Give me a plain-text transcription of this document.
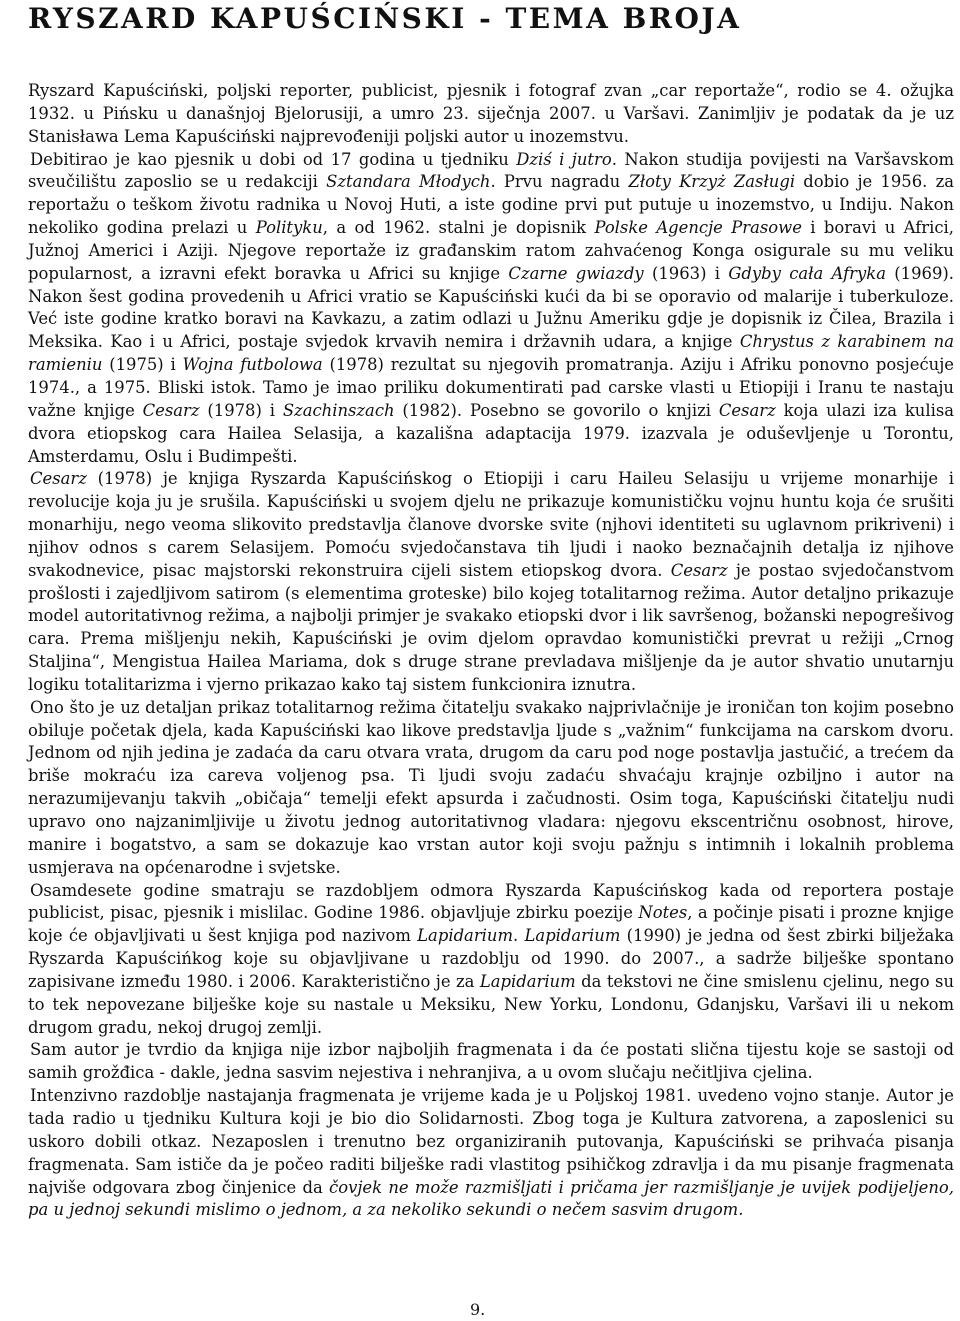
RYSZARD KAPUŚCIŃSKI - TEMA BROJA

Ryszard Kapuściński, poljski reporter, publicist, pjesnik i fotograf zvan „car reportaže“, rodio se 4. ožujka 1932. u Pińsku u današnjoj Bjelorusiji, a umro 23. siječnja 2007. u Varšavi. Zanimljiv je podatak da je uz Stanisława Lema Kapuściński najprevođeniji poljski autor u inozemstvu.

Debitirao je kao pjesnik u dobi od 17 godina u tjedniku Dziś i jutro. Nakon studija povijesti na Varšavskom sveučilištu zaposlio se u redakciji Sztandara Młodych. Prvu nagradu Złoty Krzyż Zasługi dobio je 1956. za reportažu o teškom životu radnika u Novoj Huti, a iste godine prvi put putuje u inozemstvo, u Indiju. Nakon nekoliko godina prelazi u Polityku, a od 1962. stalni je dopisnik Polske Agencje Prasowe i boravi u Africi, Južnoj Americi i Aziji. Njegove reportaže iz građanskim ratom zahvaćenog Konga osigurale su mu veliku popularnost, a izravni efekt boravka u Africi su knjige Czarne gwiazdy (1963) i Gdyby cała Afryka (1969). Nakon šest godina provedenih u Africi vratio se Kapuściński kući da bi se oporavio od malarije i tuberkuloze. Već iste godine kratko boravi na Kavkazu, a zatim odlazi u Južnu Ameriku gdje je dopisnik iz Čilea, Brazila i Meksika. Kao i u Africi, postaje svjedok krvavih nemira i državnih udara, a knjige Chrystus z karabinem na ramieniu (1975) i Wojna futbolowa (1978) rezultat su njegovih promatranja. Aziju i Afriku ponovno posjećuje 1974., a 1975. Bliski istok. Tamo je imao priliku dokumentirati pad carske vlasti u Etiopiji i Iranu te nastaju važne knjige Cesarz (1978) i Szachinszach (1982). Posebno se govorilo o knjizi Cesarz koja ulazi iza kulisa dvora etiopskog cara Hailea Selasija, a kazališna adaptacija 1979. izazvala je oduševljenje u Torontu, Amsterdamu, Oslu i Budimpešti.

Cesarz (1978) je knjiga Ryszarda Kapuścińskog o Etiopiji i caru Haileu Selasiju u vrijeme monarhije i revolucije koja ju je srušila. Kapuściński u svojem djelu ne prikazuje komunističku vojnu huntu koja će srušiti monarhiju, nego veoma slikovito predstavlja članove dvorske svite (njhovi identiteti su uglavnom prikriveni) i njihov odnos s carem Selasijem. Pomoću svjedočanstava tih ljudi i naoko beznačajnih detalja iz njihove svakodnevice, pisac majstorski rekonstruira cijeli sistem etiopskog dvora. Cesarz je postao svjedočanstvom prošlosti i zajedljivom satirom (s elementima groteske) bilo kojeg totalitarnog režima. Autor detaljno prikazuje model autoritativnog režima, a najbolji primjer je svakako etiopski dvor i lik savršenog, božanski nepogrešivog cara. Prema mišljenju nekih, Kapuściński je ovim djelom opravdao komunistički prevrat u režiji „Crnog Staljina“, Mengistua Hailea Mariama, dok s druge strane prevladava mišljenje da je autor shvatio unutarnju logiku totalitarizma i vjerno prikazao kako taj sistem funkcionira iznutra.

Ono što je uz detaljan prikaz totalitarnog režima čitatelju svakako najprivlačnije je ironičan ton kojim posebno obiluje početak djela, kada Kapuściński kao likove predstavlja ljude s „važnim“ funkcijama na carskom dvoru. Jednom od njih jedina je zadaća da caru otvara vrata, drugom da caru pod noge postavlja jastučić, a trećem da briše mokraću iza careva voljenog psa. Ti ljudi svoju zadaću shvaćaju krajnje ozbiljno i autor na nerazumijevanju takvih „običaja“ temelji efekt apsurda i začudnosti. Osim toga, Kapuściński čitatelju nudi upravo ono najzanimljivije u životu jednog autoritativnog vladara: njegovu ekscentričnu osobnost, hirove, manire i bogatstvo, a sam se dokazuje kao vrstan autor koji svoju pažnju s intimnih i lokalnih problema usmjerava na općenarodne i svjetske.

Osamdesete godine smatraju se razdobljem odmora Ryszarda Kapuścińskog kada od reportera postaje publicist, pisac, pjesnik i mislilac. Godine 1986. objavljuje zbirku poezije Notes, a počinje pisati i prozne knjige koje će objavljivati u šest knjiga pod nazivom Lapidarium. Lapidarium (1990) je jedna od šest zbirki bilježaka Ryszarda Kapuścińkog koje su objavljivane u razdoblju od 1990. do 2007., a sadrže bilješke spontano zapisivane između 1980. i 2006. Karakteristično je za Lapidarium da tekstovi ne čine smislenu cjelinu, nego su to tek nepovezane bilješke koje su nastale u Meksiku, New Yorku, Londonu, Gdanjsku, Varšavi ili u nekom drugom gradu, nekoj drugoj zemlji.

Sam autor je tvrdio da knjiga nije izbor najboljih fragmenata i da će postati slična tijestu koje se sastoji od samih grožđica - dakle, jedna sasvim nejestiva i nehranjiva, a u ovom slučaju nečitljiva cjelina.

Intenzivno razdoblje nastajanja fragmenata je vrijeme kada je u Poljskoj 1981. uvedeno vojno stanje. Autor je tada radio u tjedniku Kultura koji je bio dio Solidarnosti. Zbog toga je Kultura zatvorena, a zaposlenici su uskoro dobili otkaz. Nezaposlen i trenutno bez organiziranih putovanja, Kapuściński se prihvaća pisanja fragmenata. Sam ističe da je počeo raditi bilješke radi vlastitog psihičkog zdravlja i da mu pisanje fragmenata najviše odgovara zbog činjenice da čovjek ne može razmišljati i pričama jer razmišljanje je uvijek podijeljeno, pa u jednoj sekundi mislimo o jednom, a za nekoliko sekundi o nečem sasvim drugom.

9.
